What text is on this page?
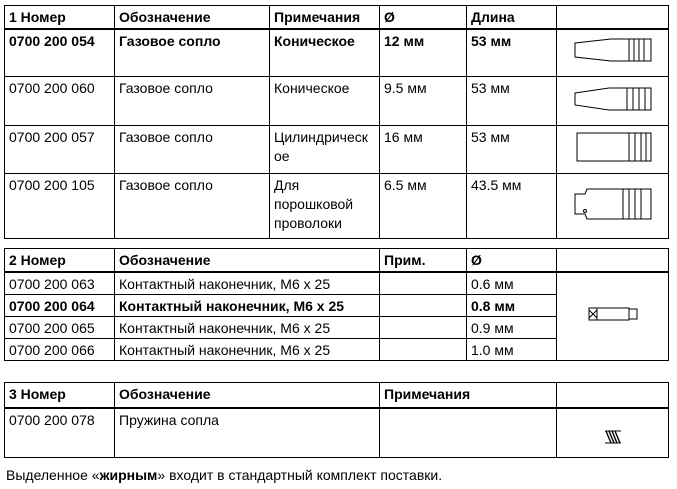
1 Номер	Обозначение	Примечания	Ø	Длина	
0700 200 054	Газовое сопло	Коническое	12 мм	53 мм	
0700 200 060	Газовое сопло	Коническое	9.5 мм	53 мм	
0700 200 057	Газовое сопло	Цилиндрическое	16 мм	53 мм	
0700 200 105	Газовое сопло	Для порошковой проволоки	6.5 мм	43.5 мм	
2 Номер	Обозначение	Прим.	Ø	
0700 200 063	Контактный наконечник, M6 x 25		0.6 мм	
0700 200 064	Контактный наконечник, M6 x 25		0.8 мм	
0700 200 065	Контактный наконечник, M6 x 25		0.9 мм	
0700 200 066	Контактный наконечник, M6 x 25		1.0 мм	
3 Номер	Обозначение	Примечания	
0700 200 078	Пружина сопла		
Выделенное «жирным» входит в стандартный комплект поставки.
